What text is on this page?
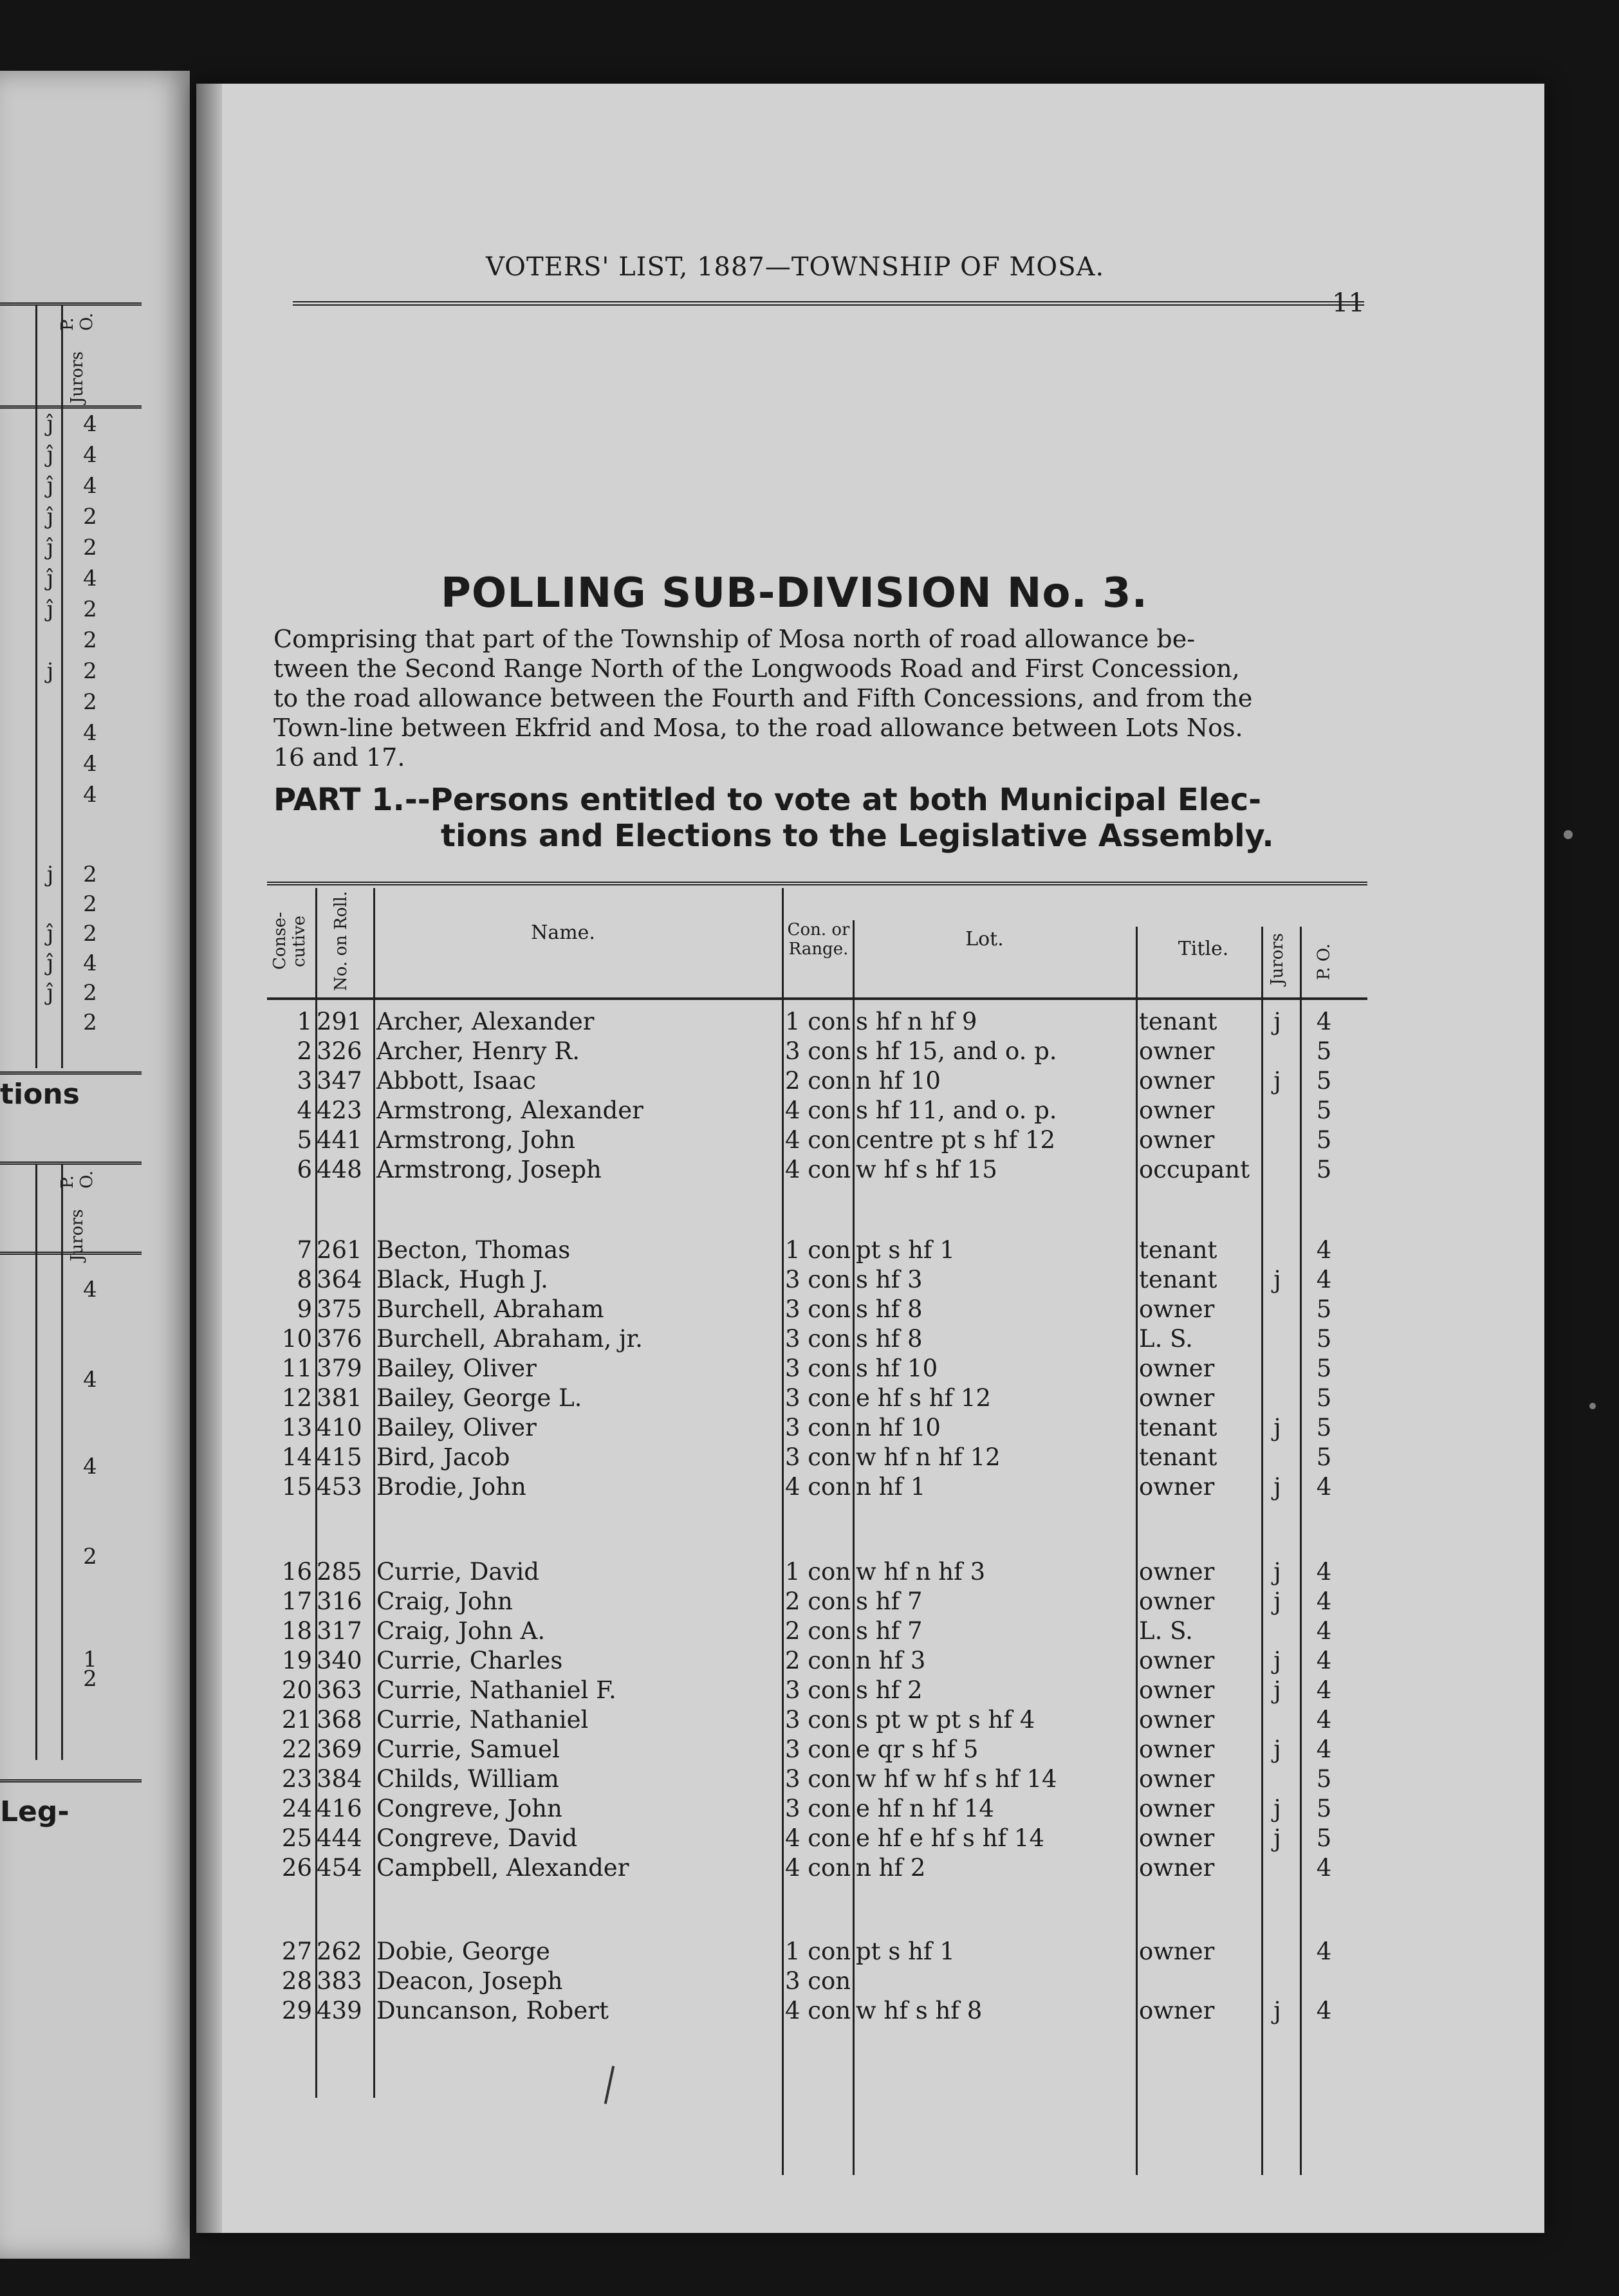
Jurors
P. O.
ĵ	4
ĵ	4
ĵ	4
ĵ	2
ĵ	2
ĵ	4
ĵ	2
2
j	2
2
4
4
4
j	2
2
ĵ	2
ĵ	4
ĵ	2
2
tions
Jurors
P. O.
4
4
4
2
1
2
Leg-
VOTERS' LIST, 1887—TOWNSHIP OF MOSA.
11
POLLING SUB-DIVISION No. 3.
Comprising that part of the Township of Mosa north of road allowance be-
tween the Second Range North of the Longwoods Road and First Concession,
to the road allowance between the Fourth and Fifth Concessions, and from the
Town-line between Ekfrid and Mosa, to the road allowance between Lots Nos.
16 and 17.
PART 1.--Persons entitled to vote at both Municipal Elec-
tions and Elections to the Legislative Assembly.
Conse-cutive	No. on Roll.	Name.	Con. or Range.	Lot.	Title.	Jurors P. O.
1 291 Archer, Alexander	1 con s hf n hf 9	tenant	j	4
2 326 Archer, Henry R.	3 con s hf 15, and o. p.	owner	5
3 347 Abbott, Isaac	2 con n hf 10	owner	j	5
4 423 Armstrong, Alexander	4 con s hf 11, and o. p.	owner	5
5 441 Armstrong, John	4 con centre pt s hf 12	owner	5
6 448 Armstrong, Joseph	4 con w hf s hf 15	occupant	5
7 261 Becton, Thomas	1 con pt s hf 1	tenant	4
8 364 Black, Hugh J.	3 con s hf 3	tenant	j	4
9 375 Burchell, Abraham	3 con s hf 8	owner	5
10 376 Burchell, Abraham, jr.	3 con s hf 8	L. S.	5
11 379 Bailey, Oliver	3 con s hf 10	owner	5
12 381 Bailey, George L.	3 con e hf s hf 12	owner	5
13 410 Bailey, Oliver	3 con n hf 10	tenant	j	5
14 415 Bird, Jacob	3 con w hf n hf 12	tenant	5
15 453 Brodie, John	4 con n hf 1	owner	j	4
16 285 Currie, David	1 con w hf n hf 3	owner	j	4
17 316 Craig, John	2 con s hf 7	owner	j	4
18 317 Craig, John A.	2 con s hf 7	L. S.	4
19 340 Currie, Charles	2 con n hf 3	owner	j	4
20 363 Currie, Nathaniel F.	3 con s hf 2	owner	j	4
21 368 Currie, Nathaniel	3 con s pt w pt s hf 4	owner	4
22 369 Currie, Samuel	3 con e qr s hf 5	owner	j	4
23 384 Childs, William	3 con w hf w hf s hf 14	owner	5
24 416 Congreve, John	3 con e hf n hf 14	owner	j	5
25 444 Congreve, David	4 con e hf e hf s hf 14	owner	j	5
26 454 Campbell, Alexander	4 con n hf 2	owner	4
27 262 Dobie, George	1 con pt s hf 1	owner	4
28 383 Deacon, Joseph	3 con
29 439 Duncanson, Robert	4 con w hf s hf 8	owner	j	4
